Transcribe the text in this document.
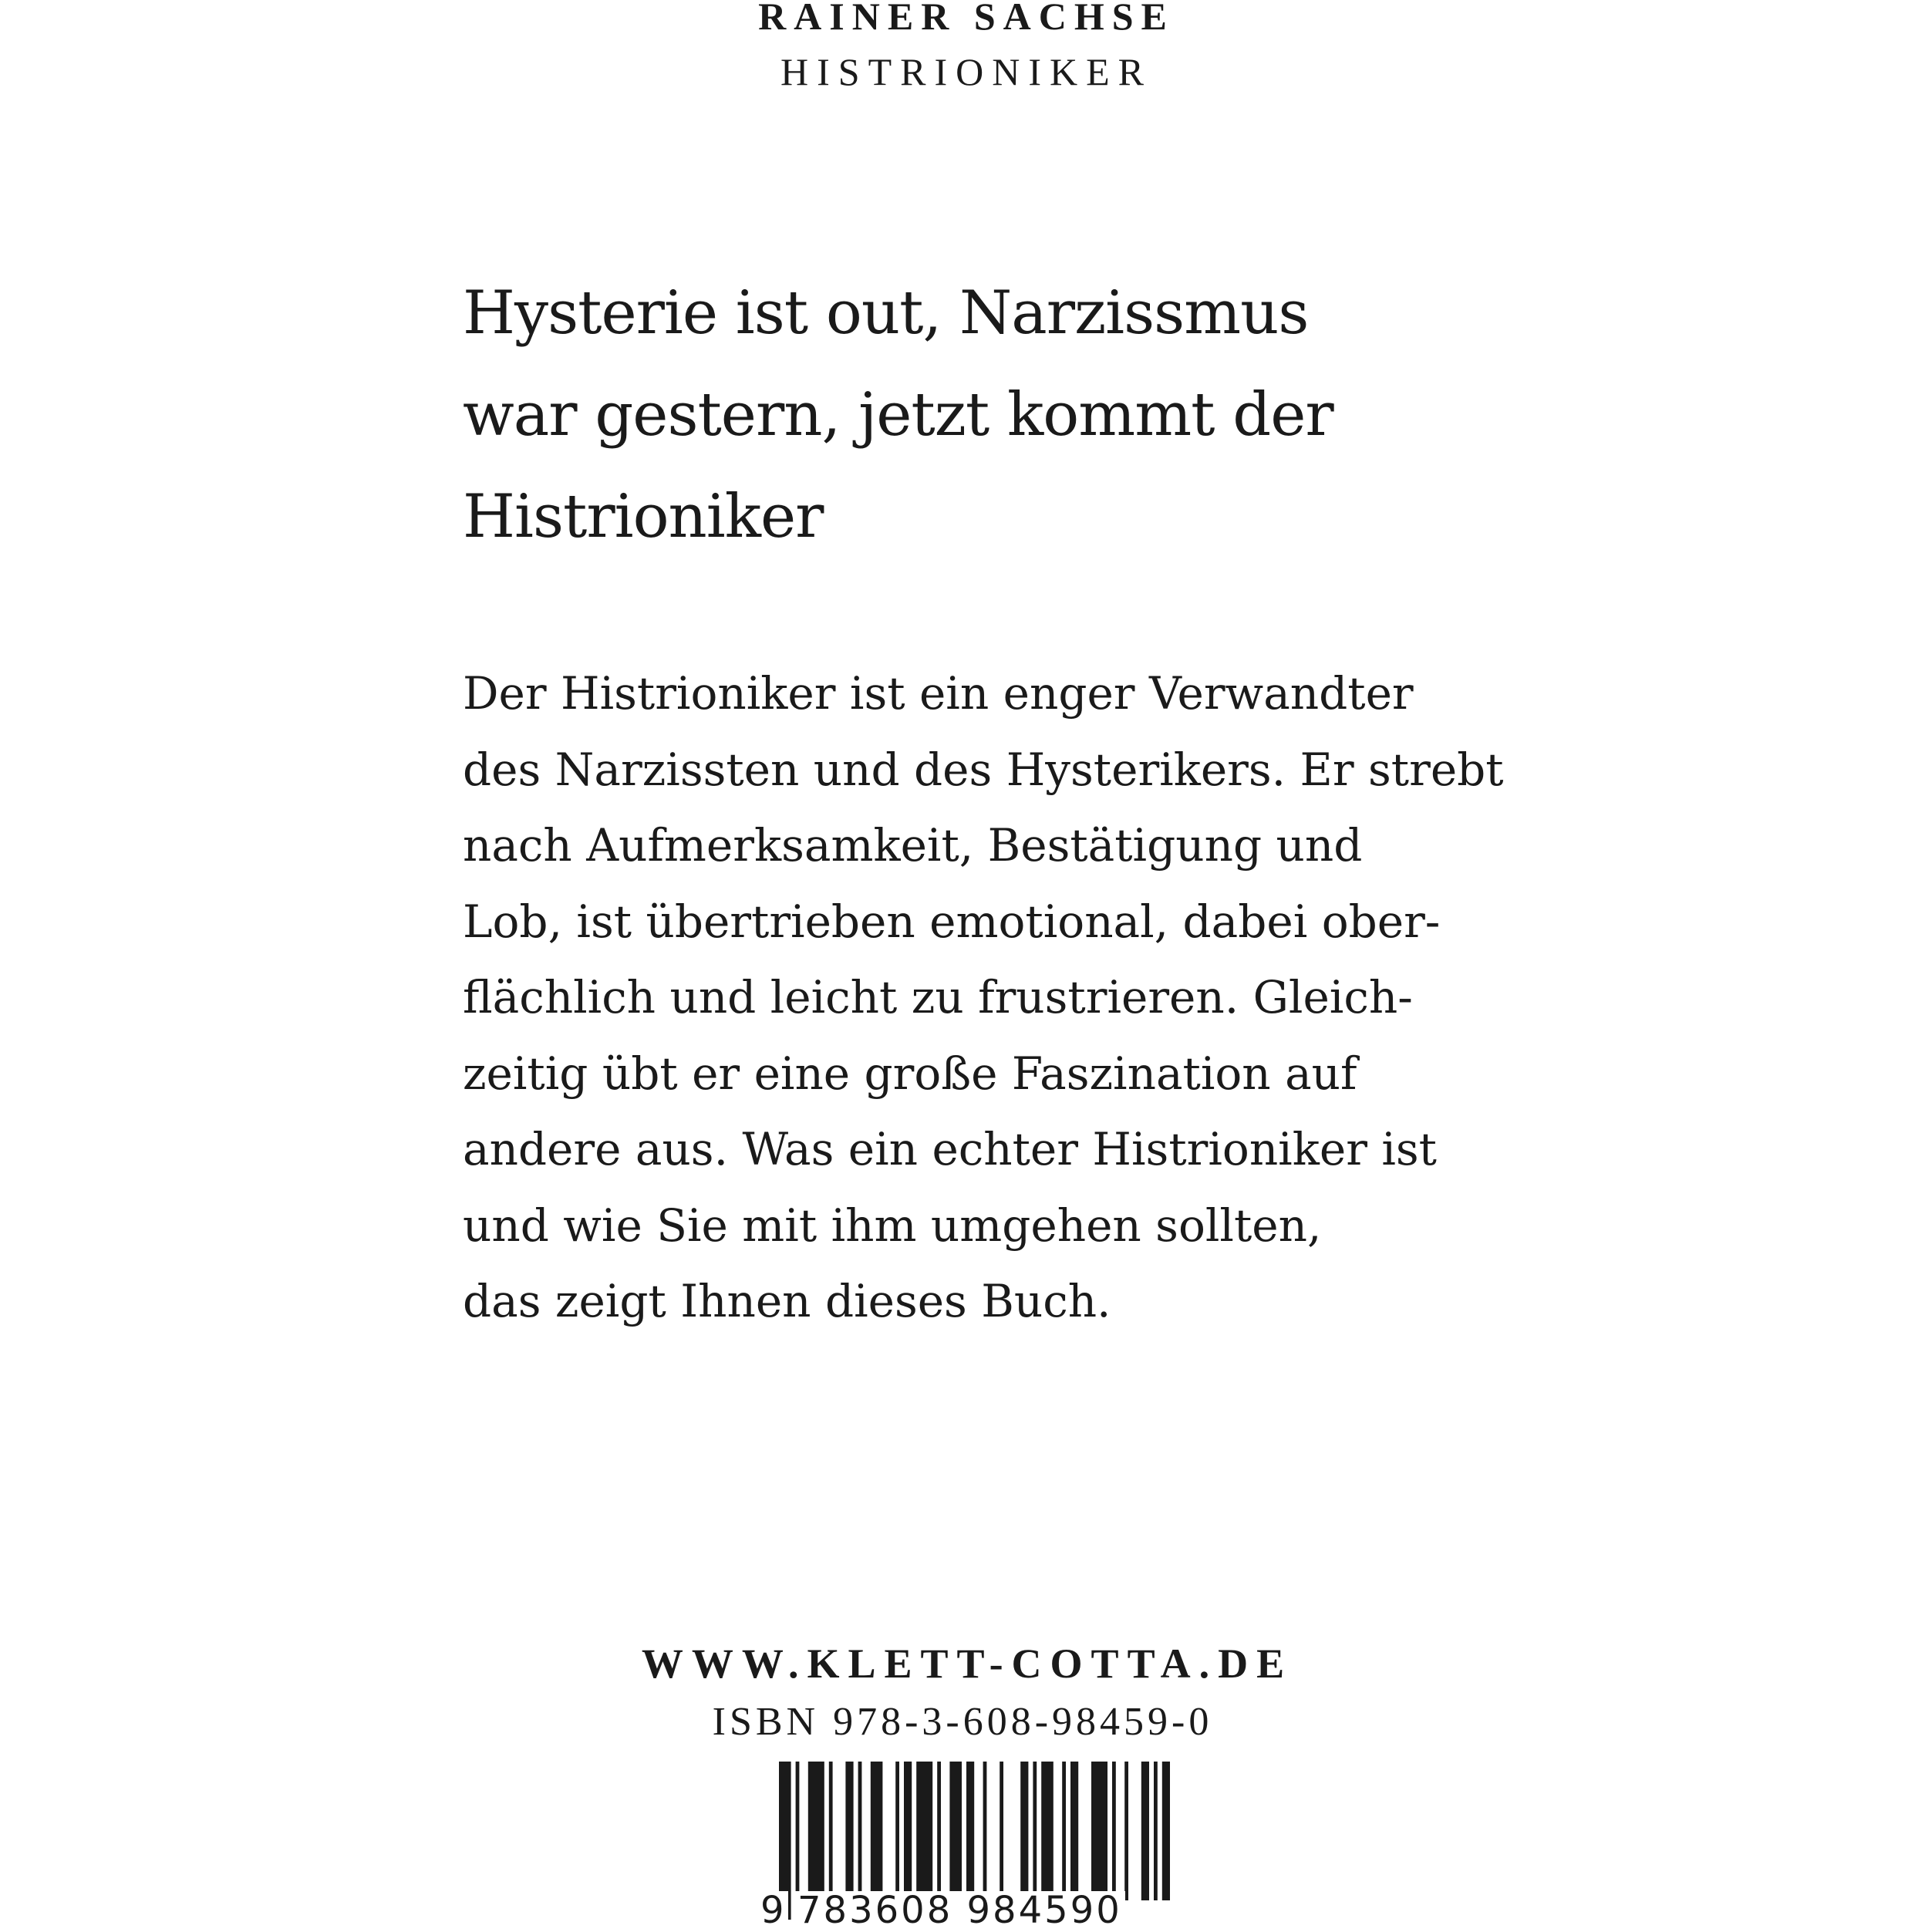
RAINER SACHSE
HISTRIONIKER
Hysterie ist out, Narzissmus
war gestern, jetzt kommt der
Histrioniker
Der Histrioniker ist ein enger Verwandter
des Narzissten und des Hysterikers. Er strebt
nach Aufmerksamkeit, Bestätigung und
Lob, ist übertrieben emotional, dabei ober-
flächlich und leicht zu frustrieren. Gleich-
zeitig übt er eine große Faszination auf
andere aus. Was ein echter Histrioniker ist
und wie Sie mit ihm umgehen sollten,
das zeigt Ihnen dieses Buch.
WWW.KLETT-COTTA.DE
ISBN 978-3-608-98459-0
9 783608 984590
